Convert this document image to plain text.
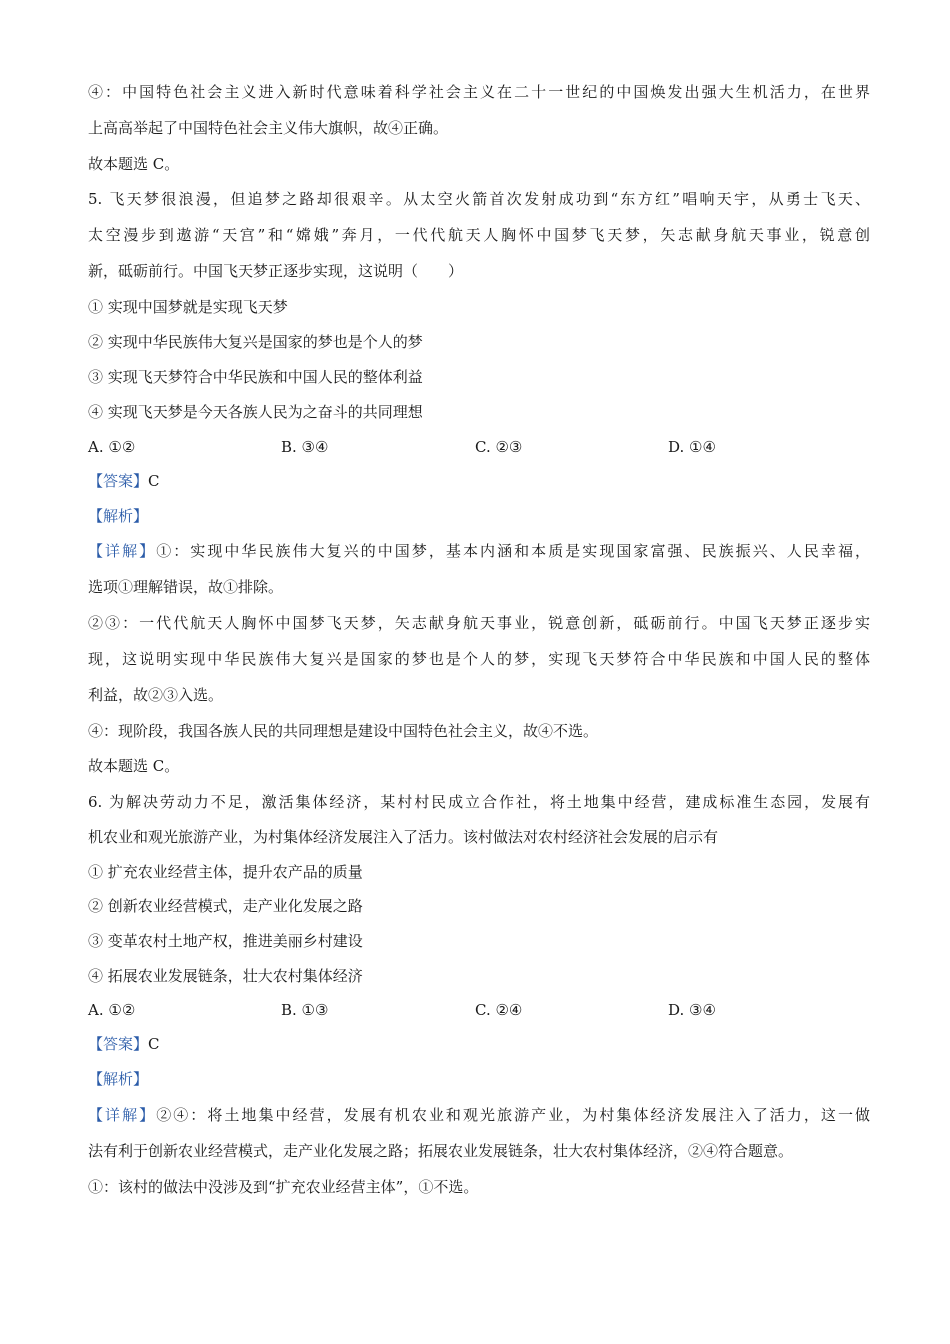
④：中国特色社会主义进入新时代意味着科学社会主义在二十一世纪的中国焕发出强大生机活力，在世界
上高高举起了中国特色社会主义伟大旗帜，故④正确。
故本题选 C。
5. 飞天梦很浪漫，但追梦之路却很艰辛。从太空火箭首次发射成功到“东方红”唱响天宇，从勇士飞天、
太空漫步到遨游“天宫”和“嫦娥”奔月，一代代航天人胸怀中国梦飞天梦，矢志献身航天事业，锐意创
新，砥砺前行。中国飞天梦正逐步实现，这说明（　　）
① 实现中国梦就是实现飞天梦
② 实现中华民族伟大复兴是国家的梦也是个人的梦
③ 实现飞天梦符合中华民族和中国人民的整体利益
④ 实现飞天梦是今天各族人民为之奋斗的共同理想
A. ①②	B. ③④	C. ②③	D. ①④
【答案】C
【解析】
【详解】①：实现中华民族伟大复兴的中国梦，基本内涵和本质是实现国家富强、民族振兴、人民幸福，
选项①理解错误，故①排除。
②③：一代代航天人胸怀中国梦飞天梦，矢志献身航天事业，锐意创新，砥砺前行。中国飞天梦正逐步实
现，这说明实现中华民族伟大复兴是国家的梦也是个人的梦，实现飞天梦符合中华民族和中国人民的整体
利益，故②③入选。
④：现阶段，我国各族人民的共同理想是建设中国特色社会主义，故④不选。
故本题选 C。
6. 为解决劳动力不足，激活集体经济，某村村民成立合作社，将土地集中经营，建成标准生态园，发展有
机农业和观光旅游产业，为村集体经济发展注入了活力。该村做法对农村经济社会发展的启示有
① 扩充农业经营主体，提升农产品的质量
② 创新农业经营模式，走产业化发展之路
③ 变革农村土地产权，推进美丽乡村建设
④ 拓展农业发展链条，壮大农村集体经济
A. ①②	B. ①③	C. ②④	D. ③④
【答案】C
【解析】
【详解】②④：将土地集中经营，发展有机农业和观光旅游产业，为村集体经济发展注入了活力，这一做
法有利于创新农业经营模式，走产业化发展之路；拓展农业发展链条，壮大农村集体经济，②④符合题意。
①：该村的做法中没涉及到“扩充农业经营主体”，①不选。
